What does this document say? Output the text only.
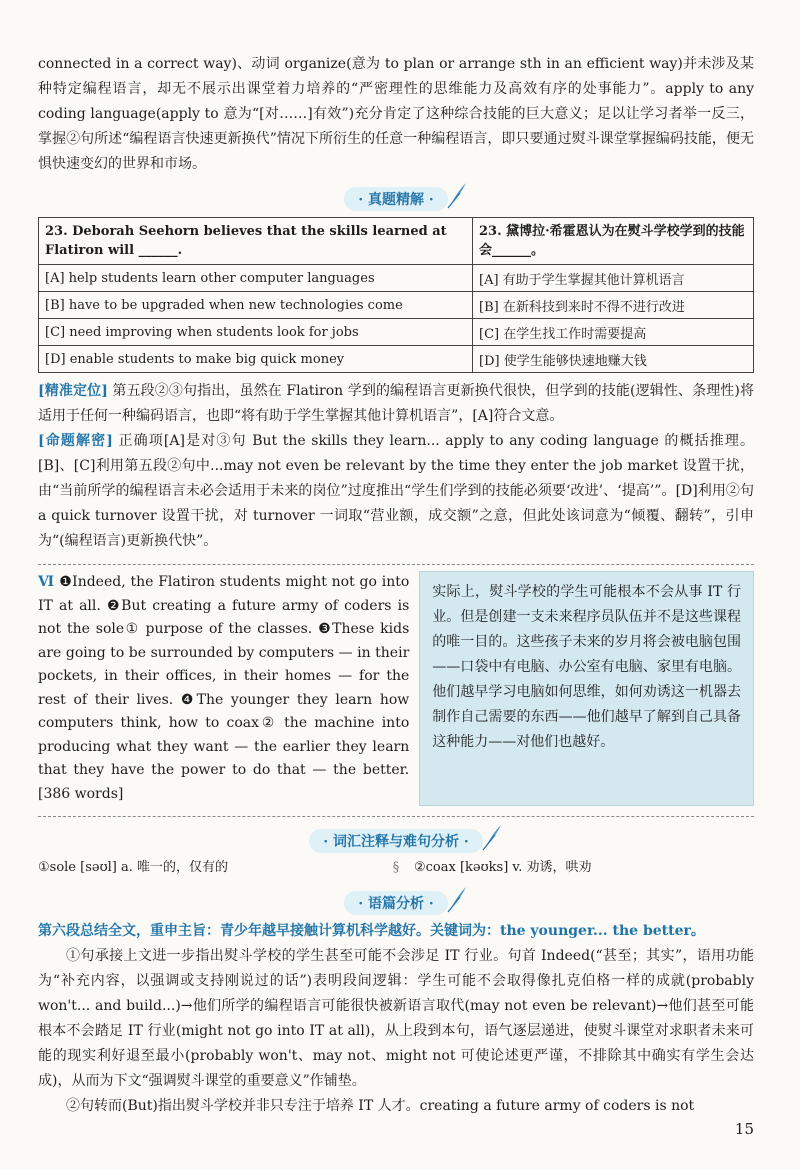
connected in a correct way)、动词 organize(意为 to plan or arrange sth in an efficient way)并未涉及某种特定编程语言，却无不展示出课堂着力培养的“严密理性的思维能力及高效有序的处事能力”。apply to any coding language(apply to 意为“[对……]有效”)充分肯定了这种综合技能的巨大意义；足以让学习者举一反三，掌握②句所述“编程语言快速更新换代”情况下所衍生的任意一种编程语言，即只要通过熨斗课堂掌握编码技能，便无惧快速变幻的世界和市场。

· 真题精解 ·
23. Deborah Seehorn believes that the skills learned at Flatiron will ______.	23. 黛博拉·希霍恩认为在熨斗学校学到的技能会______。
[A] help students learn other computer languages	[A] 有助于学生掌握其他计算机语言
[B] have to be upgraded when new technologies come	[B] 在新科技到来时不得不进行改进
[C] need improving when students look for jobs	[C] 在学生找工作时需要提高
[D] enable students to make big quick money	[D] 使学生能够快速地赚大钱

[精准定位] 第五段②③句指出，虽然在 Flatiron 学到的编程语言更新换代很快，但学到的技能(逻辑性、条理性)将适用于任何一种编码语言，也即“将有助于学生掌握其他计算机语言”，[A]符合文意。

[命题解密] 正确项[A]是对③句 But the skills they learn... apply to any coding language 的概括推理。[B]、[C]利用第五段②句中...may not even be relevant by the time they enter the job market 设置干扰，由“当前所学的编程语言未必会适用于未来的岗位”过度推出“学生们学到的技能必须要‘改进’、‘提高’”。[D]利用②句 a quick turnover 设置干扰，对 turnover 一词取“营业额，成交额”之意，但此处该词意为“倾覆、翻转”，引申为“(编程语言)更新换代快”。

Ⅵ ❶Indeed, the Flatiron students might not go into IT at all. ❷But creating a future army of coders is not the sole① purpose of the classes. ❸These kids are going to be surrounded by computers — in their pockets, in their offices, in their homes — for the rest of their lives. ❹The younger they learn how computers think, how to coax② the machine into producing what they want — the earlier they learn that they have the power to do that — the better. [386 words]
实际上，熨斗学校的学生可能根本不会从事 IT 行业。但是创建一支未来程序员队伍并不是这些课程的唯一目的。这些孩子未来的岁月将会被电脑包围——口袋中有电脑、办公室有电脑、家里有电脑。他们越早学习电脑如何思维，如何劝诱这一机器去制作自己需要的东西——他们越早了解到自己具备这种能力——对他们也越好。
· 词汇注释与难句分析 ·
①sole [səʊl] a. 唯一的，仅有的	§ ②coax [kəʊks] v. 劝诱，哄劝
· 语篇分析 ·

第六段总结全文，重申主旨：青少年越早接触计算机科学越好。关键词为：the younger... the better。

①句承接上文进一步指出熨斗学校的学生甚至可能不会涉足 IT 行业。句首 Indeed(“甚至；其实”，语用功能为“补充内容，以强调或支持刚说过的话”)表明段间逻辑：学生可能不会取得像扎克伯格一样的成就(probably won't... and build...)→他们所学的编程语言可能很快被新语言取代(may not even be relevant)→他们甚至可能根本不会踏足 IT 行业(might not go into IT at all)，从上段到本句，语气逐层递进，使熨斗课堂对求职者未来可能的现实利好退至最小(probably won't、may not、might not 可使论述更严谨，不排除其中确实有学生会达成)，从而为下文“强调熨斗课堂的重要意义”作铺垫。

②句转而(But)指出熨斗学校并非只专注于培养 IT 人才。creating a future army of coders is not

15
